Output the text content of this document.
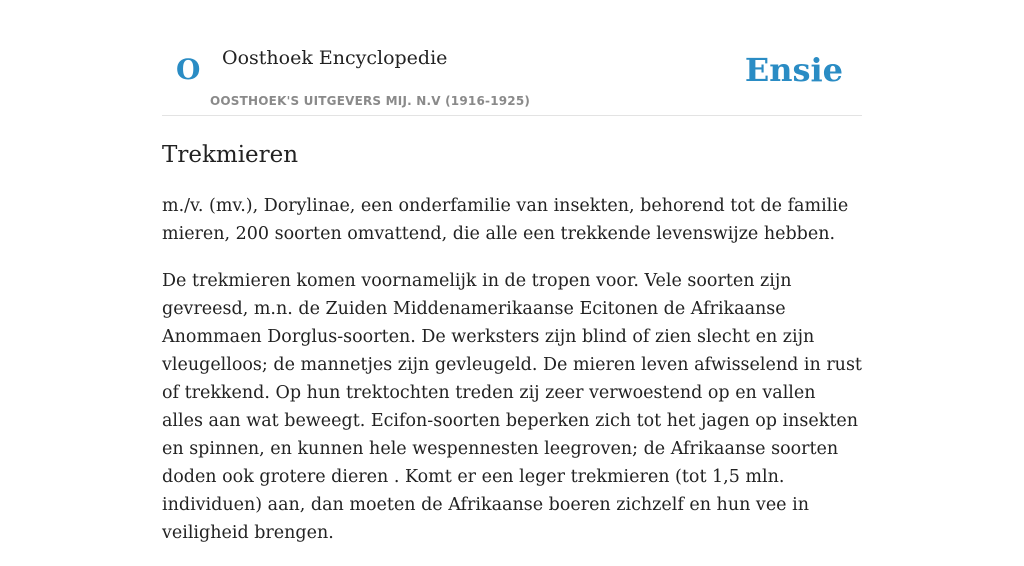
O Oosthoek Encyclopedie
OOSTHOEK'S UITGEVERS MIJ. N.V (1916-1925)
Ensie
Trekmieren

m./v. (mv.), Dorylinae, een onderfamilie van insekten, behorend tot de familie mieren, 200 soorten omvattend, die alle een trekkende levenswijze hebben.

De trekmieren komen voornamelijk in de tropen voor. Vele soorten zijn gevreesd, m.n. de Zuiden Middenamerikaanse Ecitonen de Afrikaanse Anommaen Dorglus-soorten. De werksters zijn blind of zien slecht en zijn vleugelloos; de mannetjes zijn gevleugeld. De mieren leven afwisselend in rust of trekkend. Op hun trektochten treden zij zeer verwoestend op en vallen alles aan wat beweegt. Ecifon-soorten beperken zich tot het jagen op insekten en spinnen, en kunnen hele wespennesten leegroven; de Afrikaanse soorten doden ook grotere dieren . Komt er een leger trekmieren (tot 1,5 mln. individuen) aan, dan moeten de Afrikaanse boeren zichzelf en hun vee in veiligheid brengen.
